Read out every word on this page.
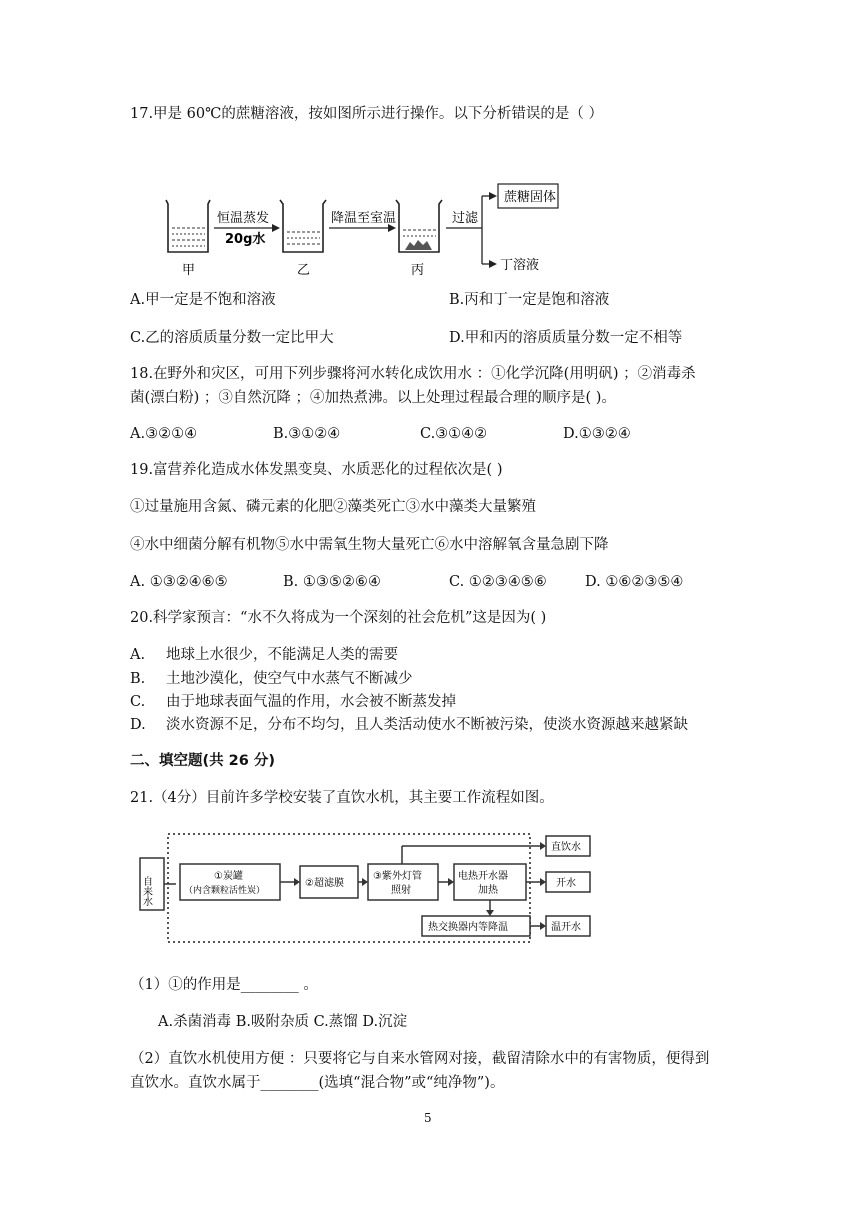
17.甲是 60℃的蔗糖溶液，按如图所示进行操作。以下分析错误的是（ ）
恒温蒸发
20g水
降温至室温	过滤
蔗糖固体
丁溶液
甲	乙	丙
A.甲一定是不饱和溶液	B.丙和丁一定是饱和溶液
C.乙的溶质质量分数一定比甲大	D.甲和丙的溶质质量分数一定不相等
18.在野外和灾区，可用下列步骤将河水转化成饮用水 ：①化学沉降(用明矾) ；②消毒杀
菌(漂白粉) ；③自然沉降 ；④加热煮沸。以上处理过程最合理的顺序是( )。
A.③②①④	B.③①②④	C.③①④②	D.①③②④
19.富营养化造成水体发黑变臭、水质恶化的过程依次是( )
①过量施用含氮、磷元素的化肥②藻类死亡③水中藻类大量繁殖
④水中细菌分解有机物⑤水中需氧生物大量死亡⑥水中溶解氧含量急剧下降
A. ①③②④⑥⑤	B. ①③⑤②⑥④	C. ①②③④⑤⑥	D. ①⑥②③⑤④
20.科学家预言：“水不久将成为一个深刻的社会危机”这是因为( )
A. 地球上水很少，不能满足人类的需要
B. 土地沙漠化，使空气中水蒸气不断减少
C. 由于地球表面气温的作用，水会被不断蒸发掉
D. 淡水资源不足，分布不均匀，且人类活动使水不断被污染，使淡水资源越来越紧缺
二、填空题(共 26 分)
21.（4分）目前许多学校安装了直饮水机，其主要工作流程如图。
自来水	①炭罐
（内含颗粒活性炭）
②超滤膜
③紫外灯管
照射
电热开水器
加热
热交换器内等降温
直饮水
开水
温开水
（1）①的作用是________ 。
A.杀菌消毒 B.吸附杂质 C.蒸馏 D.沉淀
（2）直饮水机使用方便 ：只要将它与自来水管网对接，截留清除水中的有害物质，便得到
直饮水。直饮水属于________(选填“混合物”或“纯净物”)。
5
